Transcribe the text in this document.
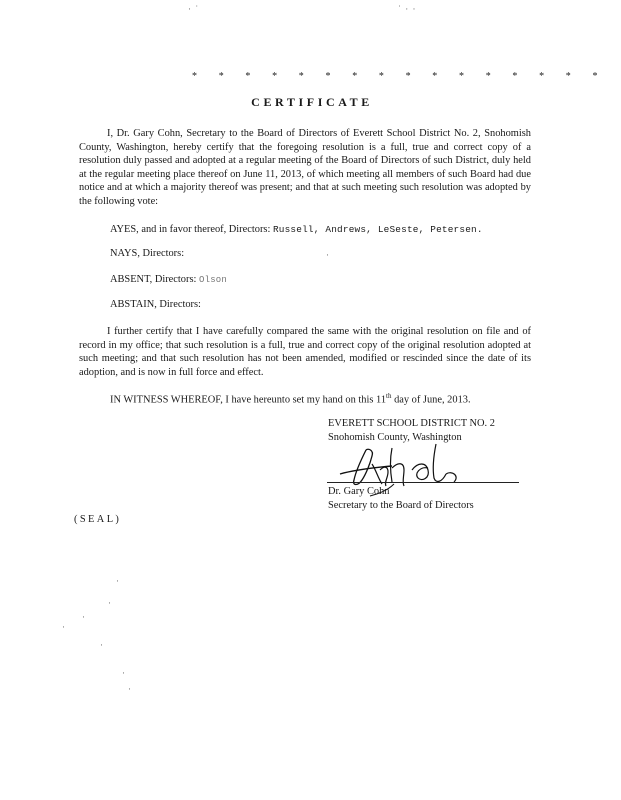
· ˙	˙ · ·
* * * * * * * * * * * * * * * *
CERTIFICATE

I, Dr. Gary Cohn, Secretary to the Board of Directors of Everett School District No. 2, Snohomish County, Washington, hereby certify that the foregoing resolution is a full, true and correct copy of a resolution duly passed and adopted at a regular meeting of the Board of Directors of such District, duly held at the regular meeting place thereof on June 11, 2013, of which meeting all members of such Board had due notice and at which a majority thereof was present; and that at such meeting such resolution was adopted by the following vote:

AYES, and in favor thereof, Directors: Russell, Andrews, LeSeste, Petersen.
NAYS, Directors:
ABSENT, Directors: Olson
ABSTAIN, Directors:

I further certify that I have carefully compared the same with the original resolution on file and of record in my office; that such resolution is a full, true and correct copy of the original resolution adopted at such meeting; and that such resolution has not been amended, modified or rescinded since the date of its adoption, and is now in full force and effect.

IN WITNESS WHEREOF, I have hereunto set my hand on this 11th day of June, 2013.
EVERETT SCHOOL DISTRICT NO. 2
Snohomish County, Washington
Dr. Gary Cohn
Secretary to the Board of Directors
(SEAL)
·
·
·
·
·
·
·
·
